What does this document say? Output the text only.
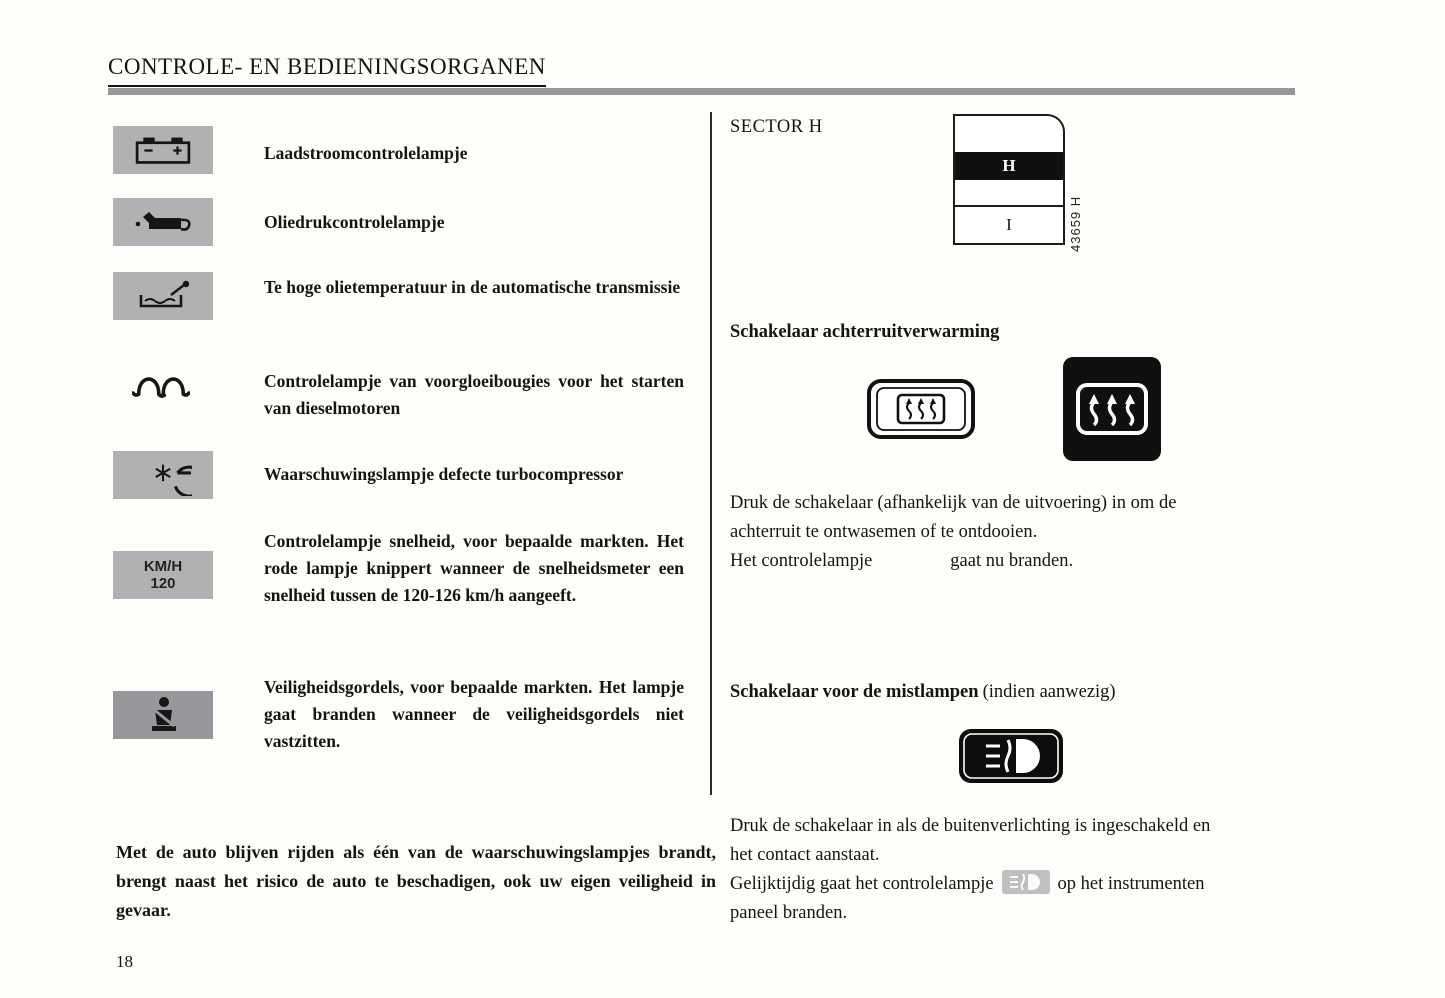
CONTROLE- EN BEDIENINGSORGANEN
Laadstroomcontrolelampje
Oliedrukcontrolelampje
Te hoge olietemperatuur in de automatische transmissie
Controlelampje van voorgloeibougies voor het starten van dieselmotoren
Waarschuwingslampje defecte turbocompressor
KM/H
120
Controlelampje snelheid, voor bepaalde markten. Het rode lampje knippert wanneer de snelheidsmeter een snelheid tussen de 120-126 km/h aangeeft.
Veiligheidsgordels, voor bepaalde markten. Het lampje gaat branden wanneer de veiligheidsgordels niet vastzitten.
Met de auto blijven rijden als één van de waarschuwingslampjes brandt, brengt naast het risico de auto te beschadigen, ook uw eigen veiligheid in gevaar.
18
SECTOR H
H
I	43659 H
Schakelaar achterruitverwarming
Druk de schakelaar (afhankelijk van de uitvoering) in om de
achterruit te ontwasemen of te ontdooien.
Het controlelampje	gaat nu branden.
Schakelaar voor de mistlampen (indien aanwezig)
Druk de schakelaar in als de buitenverlichting is ingeschakeld en
het contact aanstaat.
Gelijktijdig gaat het controlelampje	op het instrumenten
paneel branden.
